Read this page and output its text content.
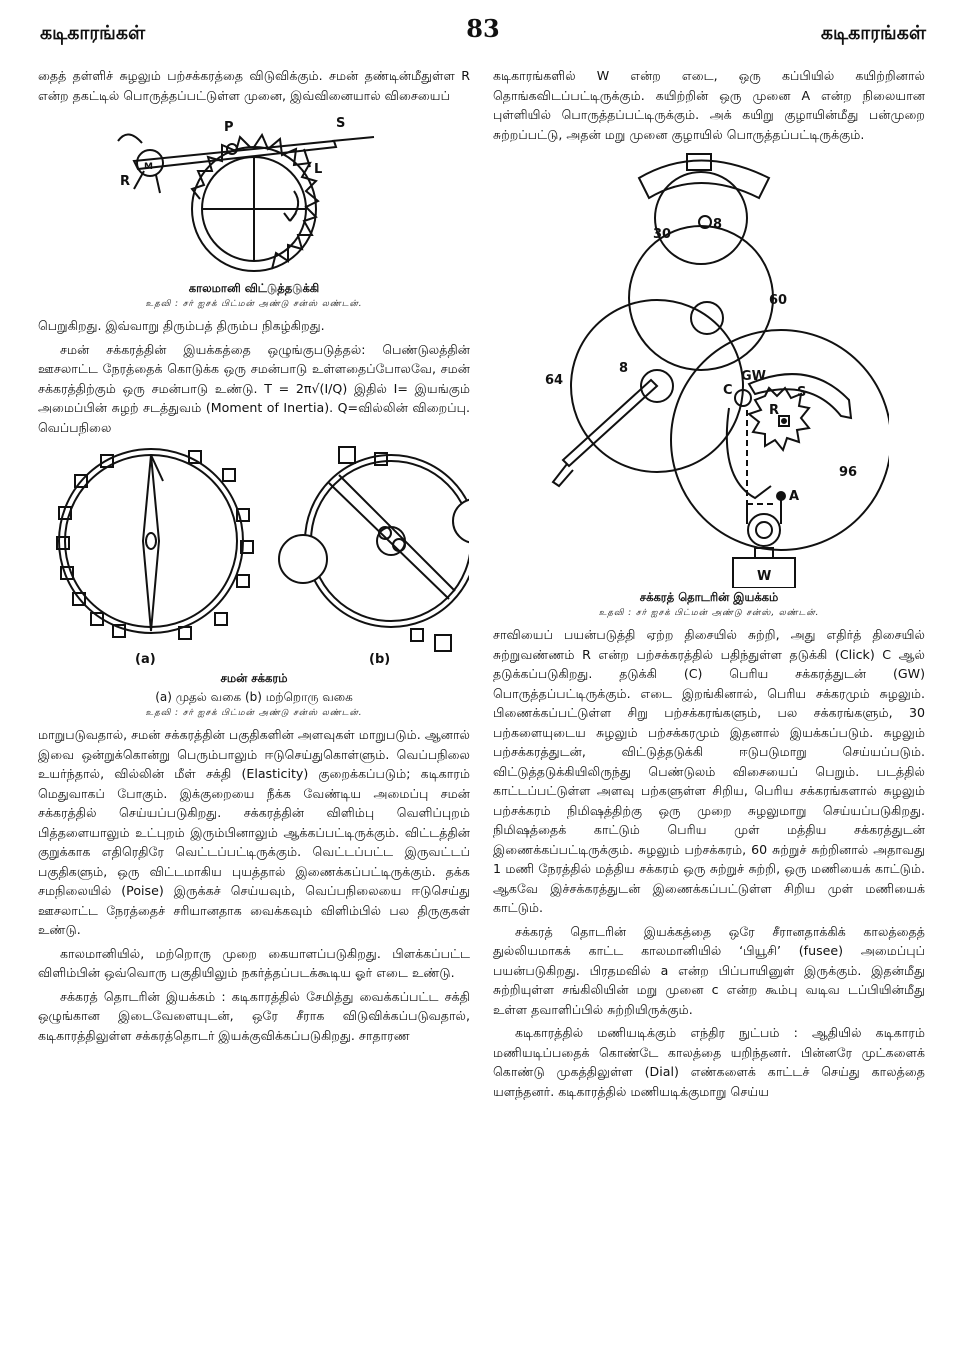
கடிகாரங்கள்	83	கடிகாரங்கள்

தைத் தள்ளிச் சுழலும் பற்சக்கரத்தை விடுவிக்கும். சமன் தண்டின்மீதுள்ள R என்ற தகட்டில் பொருத்தப்பட்டுள்ள முனை, இவ்வினையால் விசையைப்

P	S
M
R
L
காலமானி விட்டுத்தடுக்கி
உதவி : சர் ஐசக் பிட்மன் அண்டு சன்ஸ் லண்டன்.

பெறுகிறது. இவ்வாறு திரும்பத் திரும்ப நிகழ்கிறது.

சமன் சக்கரத்தின் இயக்கத்தை ஒழுங்குபடுத்தல்: பெண்டுலத்தின் ஊசலாட்ட நேரத்தைக் கொடுக்க ஒரு சமன்பாடு உள்ளதைப்போலவே, சமன் சக்கரத்திற்கும் ஒரு சமன்பாடு உண்டு. T = 2π√(I/Q) இதில் I= இயங்கும் அமைப்பின் சுழற் சடத்துவம் (Moment of Inertia). Q=வில்லின் விறைப்பு. வெப்பநிலை

(a)	(b)
சமன் சக்கரம்
(a) முதல் வகை (b) மற்றொரு வகை
உதவி : சர் ஐசக் பிட்மன் அண்டு சன்ஸ் லண்டன்.

மாறுபடுவதால், சமன் சக்கரத்தின் பகுதிகளின் அளவுகள் மாறுபடும். ஆனால் இவை ஒன்றுக்கொன்று பெரும்பாலும் ஈடுசெய்துகொள்ளும். வெப்பநிலை உயர்ந்தால், வில்லின் மீள் சக்தி (Elasticity) குறைக்கப்படும்; கடிகாரம் மெதுவாகப் போகும். இக்குறையை நீக்க வேண்டிய அமைப்பு சமன் சக்கரத்தில் செய்யப்படுகிறது. சக்கரத்தின் விளிம்பு வெளிப்புறம் பித்தளையாலும் உட்புறம் இரும்பினாலும் ஆக்கப்பட்டிருக்கும். விட்டத்தின் குறுக்காக எதிரெதிரே வெட்டப்பட்டிருக்கும். வெட்டப்பட்ட இருவட்டப் பகுதிகளும், ஒரு விட்டமாகிய புயத்தால் இணைக்கப்பட்டிருக்கும். தக்க சமநிலையில் (Poise) இருக்கச் செய்யவும், வெப்பநிலையை ஈடுசெய்து ஊசலாட்ட நேரத்தைச் சரியானதாக வைக்கவும் விளிம்பில் பல திருகுகள் உண்டு.

காலமானியில், மற்றொரு முறை கையாளப்படுகிறது. பிளக்கப்பட்ட விளிம்பின் ஒவ்வொரு பகுதியிலும் நகர்த்தப்படக்கூடிய ஓர் எடை உண்டு.

சக்கரத் தொடரின் இயக்கம் : கடிகாரத்தில் சேமித்து வைக்கப்பட்ட சக்தி ஒழுங்கான இடைவேளையுடன், ஒரே சீராக விடுவிக்கப்படுவதால், கடிகாரத்திலுள்ள சக்கரத்தொடர் இயக்குவிக்கப்படுகிறது. சாதாரண

கடிகாரங்களில் W என்ற எடை, ஒரு கப்பியில் கயிற்றினால் தொங்கவிடப்பட்டிருக்கும். கயிற்றின் ஒரு முனை A என்ற நிலையான புள்ளியில் பொருத்தப்பட்டிருக்கும். அக் கயிறு குழாயின்மீது பன்முறை சுற்றப்பட்டு, அதன் மறு முனை குழாயில் பொருத்தப்பட்டிருக்கும்.

30
8
60
8
64
C
GW
S
R
96
A
W
சக்கரத் தொடரின் இயக்கம்
உதவி : சர் ஐசக் பிட்மன் அண்டு சன்ஸ், லண்டன்.

சாவியைப் பயன்படுத்தி ஏற்ற திசையில் சுற்றி, அது எதிர்த் திசையில் சுற்றுவண்ணம் R என்ற பற்சக்கரத்தில் பதிந்துள்ள தடுக்கி (Click) C ஆல் தடுக்கப்படுகிறது. தடுக்கி (C) பெரிய சக்கரத்துடன் (GW) பொருத்தப்பட்டிருக்கும். எடை இறங்கினால், பெரிய சக்கரமும் சுழலும். பிணைக்கப்பட்டுள்ள சிறு பற்சக்கரங்களும், பல சக்கரங்களும், 30 பற்களையுடைய சுழலும் பற்சக்கரமும் இதனால் இயக்கப்படும். சுழலும் பற்சக்கரத்துடன், விட்டுத்தடுக்கி ஈடுபடுமாறு செய்யப்படும். விட்டுத்தடுக்கியிலிருந்து பெண்டுலம் விசையைப் பெறும். படத்தில் காட்டப்பட்டுள்ள அளவு பற்களுள்ள சிறிய, பெரிய சக்கரங்களால் சுழலும் பற்சக்கரம் நிமிஷத்திற்கு ஒரு முறை சுழலுமாறு செய்யப்படுகிறது. நிமிஷத்தைக் காட்டும் பெரிய முள் மத்திய சக்கரத்துடன் இணைக்கப்பட்டிருக்கும். சுழலும் பற்சக்கரம், 60 சுற்றுச் சுற்றினால் அதாவது 1 மணி நேரத்தில் மத்திய சக்கரம் ஒரு சுற்றுச் சுற்றி, ஒரு மணியைக் காட்டும். ஆகவே இச்சக்கரத்துடன் இணைக்கப்பட்டுள்ள சிறிய முள் மணியைக் காட்டும்.

சக்கரத் தொடரின் இயக்கத்தை ஒரே சீரானதாக்கிக் காலத்தைத் துல்லியமாகக் காட்ட காலமானியில் ‘பியூசி’ (fusee) அமைப்புப் பயன்படுகிறது. பிரதமவில் a என்ற பிப்பாயினுள் இருக்கும். இதன்மீது சுற்றியுள்ள சங்கிலியின் மறு முனை c என்ற கூம்பு வடிவ டப்பியின்மீது உள்ள தவாளிப்பில் சுற்றியிருக்கும்.

கடிகாரத்தில் மணியடிக்கும் எந்திர நுட்பம் : ஆதியில் கடிகாரம் மணியடிப்பதைக் கொண்டே காலத்தை யறிந்தனர். பின்னரே முட்களைக் கொண்டு முகத்திலுள்ள (Dial) எண்களைக் காட்டச் செய்து காலத்தை யளந்தனர். கடிகாரத்தில் மணியடிக்குமாறு செய்ய
